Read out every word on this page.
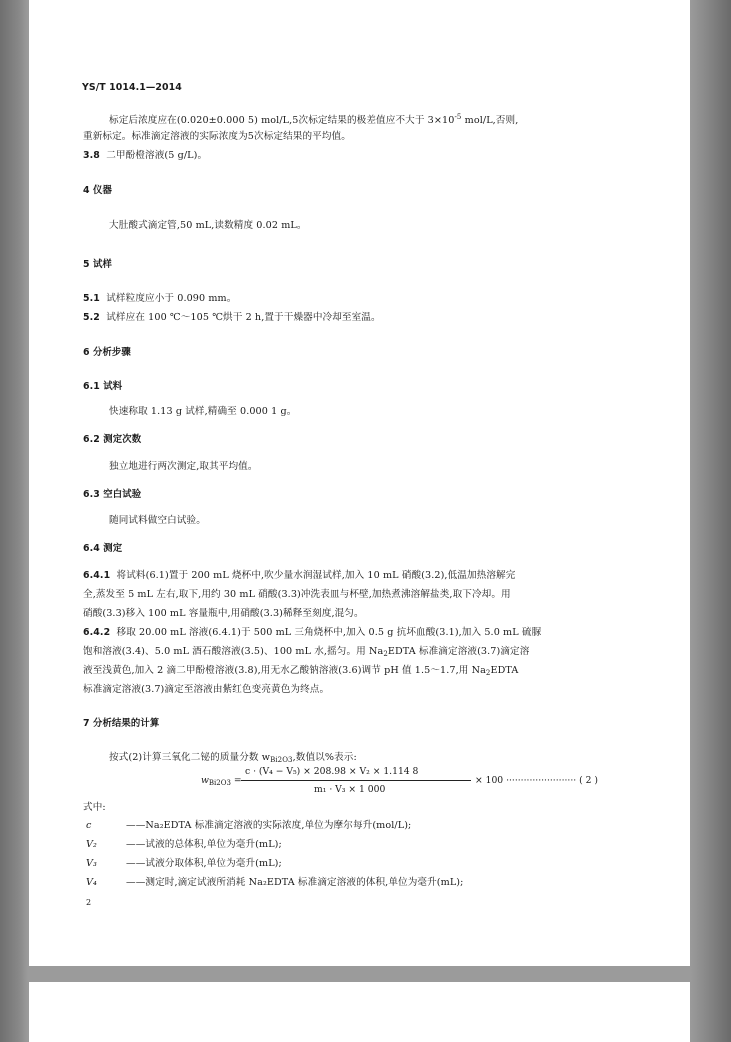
YS/T 1014.1—2014
标定后浓度应在(0.020±0.000 5) mol/L,5次标定结果的极差值应不大于 $3\times 10^{-5}$ mol/L,否则,
重新标定。标准滴定溶液的实际浓度为5次标定结果的平均值。
3.8 二甲酚橙溶液(5 g/L)。
4 仪器
大肚酸式滴定管,50 mL,读数精度 0.02 mL。
5 试样
5.1 试样粒度应小于 0.090 mm。
5.2 试样应在 100 ℃～105 ℃烘干 2 h,置于干燥器中冷却至室温。
6 分析步骤
6.1 试料
快速称取 1.13 g 试样,精确至 0.000 1 g。
6.2 测定次数
独立地进行两次测定,取其平均值。
6.3 空白试验
随同试料做空白试验。
6.4 测定
6.4.1 将试料(6.1)置于 200 mL 烧杯中,吹少量水润湿试样,加入 10 mL 硝酸(3.2),低温加热溶解完
全,蒸发至 5 mL 左右,取下,用约 30 mL 硝酸(3.3)冲洗表皿与杯壁,加热煮沸溶解盐类,取下冷却。用
硝酸(3.3)移入 100 mL 容量瓶中,用硝酸(3.3)稀释至刻度,混匀。
6.4.2 移取 20.00 mL 溶液(6.4.1)于 500 mL 三角烧杯中,加入 0.5 g 抗坏血酸(3.1),加入 5.0 mL 硫脲
饱和溶液(3.4)、5.0 mL 酒石酸溶液(3.5)、100 mL 水,摇匀。用 $Na_2EDTA$ 标准滴定溶液(3.7)滴定溶
液至浅黄色,加入 2 滴二甲酚橙溶液(3.8),用无水乙酸钠溶液(3.6)调节 pH 值 1.5～1.7,用 $Na_2EDTA$
标准滴定溶液(3.7)滴定至溶液由紫红色变亮黄色为终点。
7 分析结果的计算
按式(2)计算三氧化二铋的质量分数 $w_{Bi2O3}$,数值以%表示:
$w_{Bi2O3}$ =
c · (V₄ − V₅) × 208.98 × V₂ × 1.114 8
m₁ · V₃ × 1 000
× 100 ························ ( 2 )
式中:
c	——Na₂EDTA 标准滴定溶液的实际浓度,单位为摩尔每升(mol/L);
V₂	——试液的总体积,单位为毫升(mL);
V₃	——试液分取体积,单位为毫升(mL);
V₄	——测定时,滴定试液所消耗 Na₂EDTA 标准滴定溶液的体积,单位为毫升(mL);
2
